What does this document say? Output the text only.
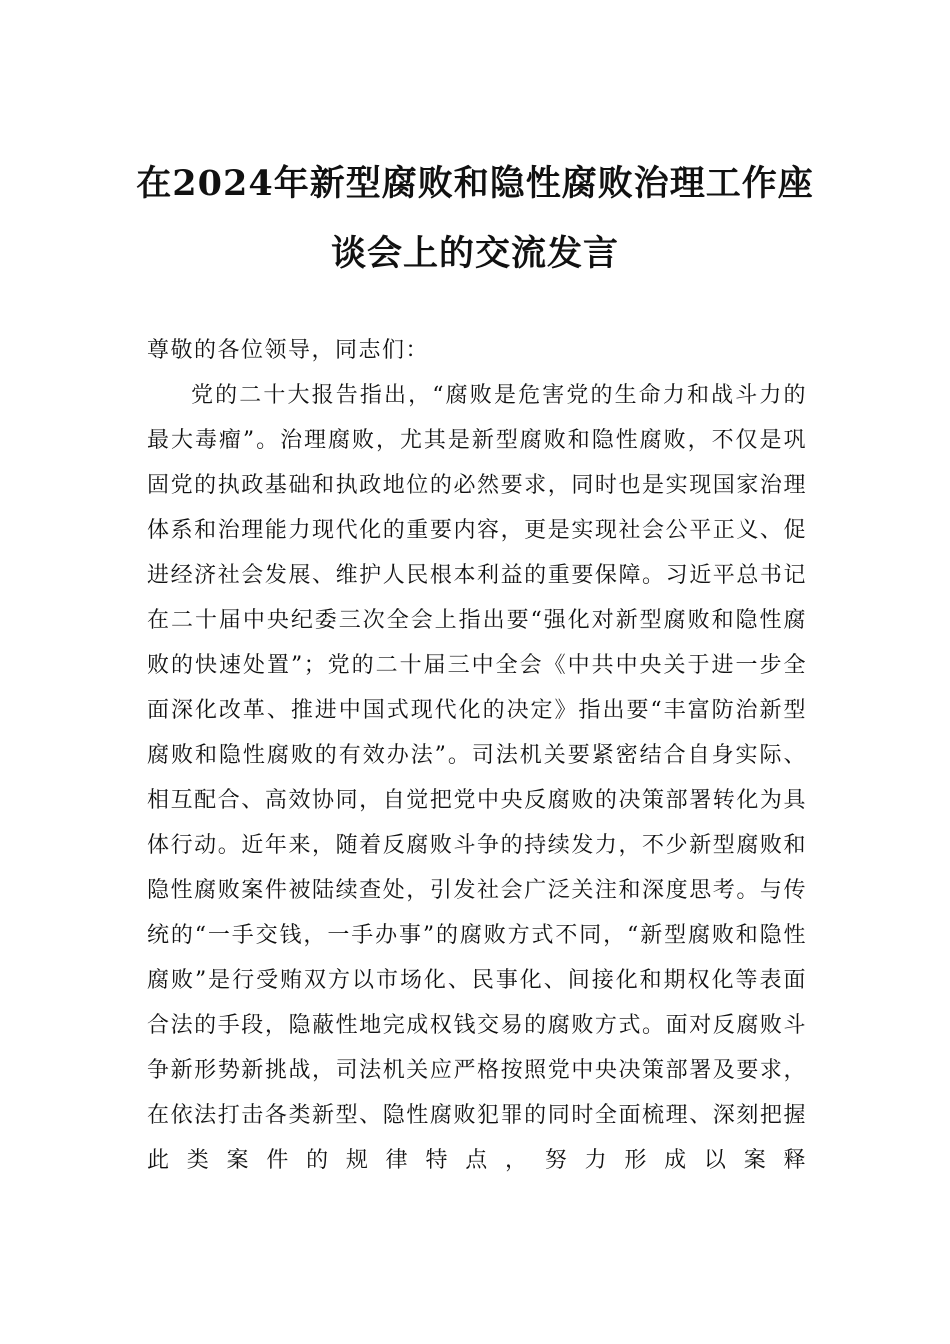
在2024年新型腐败和隐性腐败治理工作座
谈会上的交流发言
尊敬的各位领导，同志们：

党的二十大报告指出，“腐败是危害党的生命力和战斗力的最大毒瘤”。治理腐败，尤其是新型腐败和隐性腐败，不仅是巩固党的执政基础和执政地位的必然要求，同时也是实现国家治理体系和治理能力现代化的重要内容，更是实现社会公平正义、促进经济社会发展、维护人民根本利益的重要保障。习近平总书记在二十届中央纪委三次全会上指出要“强化对新型腐败和隐性腐败的快速处置”；党的二十届三中全会《中共中央关于进一步全面深化改革、推进中国式现代化的决定》指出要“丰富防治新型腐败和隐性腐败的有效办法”。司法机关要紧密结合自身实际、相互配合、高效协同，自觉把党中央反腐败的决策部署转化为具体行动。近年来，随着反腐败斗争的持续发力，不少新型腐败和隐性腐败案件被陆续查处，引发社会广泛关注和深度思考。与传统的“一手交钱，一手办事”的腐败方式不同，“新型腐败和隐性腐败”是行受贿双方以市场化、民事化、间接化和期权化等表面合法的手段，隐蔽性地完成权钱交易的腐败方式。面对反腐败斗争新形势新挑战，司法机关应严格按照党中央决策部署及要求，在依法打击各类新型、隐性腐败犯罪的同时全面梳理、深刻把握此类案件的规律特点，努力形成以案释
